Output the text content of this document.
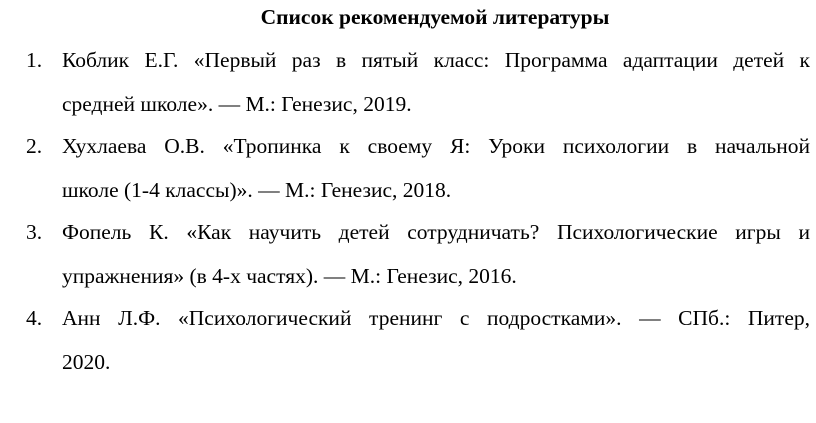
Список рекомендуемой литературы
1. Коблик Е.Г. «Первый раз в пятый класс: Программа адаптации детей к
средней школе». — М.: Генезис, 2019.
2. Хухлаева О.В. «Тропинка к своему Я: Уроки психологии в начальной
школе (1-4 классы)». — М.: Генезис, 2018.
3. Фопель К. «Как научить детей сотрудничать? Психологические игры и
упражнения» (в 4-х частях). — М.: Генезис, 2016.
4. Анн Л.Ф. «Психологический тренинг с подростками». — СПб.: Питер,
2020.
